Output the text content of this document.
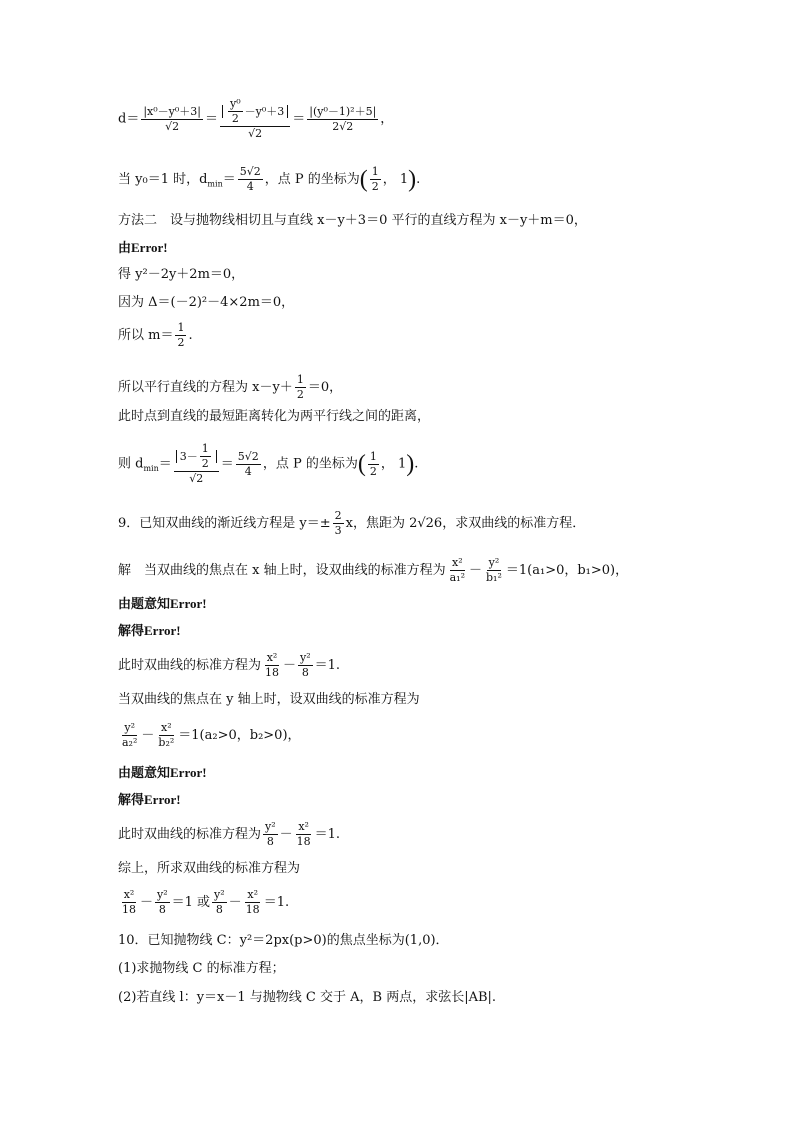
$d= \frac{\text{|x⁰－y⁰＋3|}}{√2} = \frac{\frac{\text{y⁰}}{2} -y^0+3}{√2} = \frac{\text{|(y⁰－1)²＋5|}}{2√2}$ ，
当 y₀＝1 时，$d_{min}= \frac{5√2}{4}$ ，点 P 的坐标为( $\frac{1}{2}$ ， 1).
方法二　设与抛物线相切且与直线 x－y＋3＝0 平行的直线方程为 x－y＋m＝0，
由Error!
得 y²－2y＋2m＝0，
因为 Δ＝(－2)²－4×2m＝0，
所以 $m= \frac{1}{2}$ .
所以平行直线的方程为 $x-y+ \frac{1}{2} =0$，
此时点到直线的最短距离转化为两平行线之间的距离，
则 $d_{min}= \frac{3- \frac{1}{2}}{√2} = \frac{5√2}{4}$ ，点 P 的坐标为( $\frac{1}{2}$ ， 1).
9．已知双曲线的渐近线方程是 $y=\pm \frac{2}{3}$ x，焦距为 2√26，求双曲线的标准方程．
解　当双曲线的焦点在 x 轴上时，设双曲线的标准方程为 $\frac{\text{x²}}{\text{a₁²}} - \frac{\text{y²}}{\text{b₁²}} =1(a_1>0$，b₁>0)，
由题意知Error!
解得Error!
此时双曲线的标准方程为 $\frac{\text{x²}}{18} - \frac{\text{y²}}{8} =1$.
当双曲线的焦点在 y 轴上时，设双曲线的标准方程为
$\frac{\text{y²}}{\text{a₂²}} - \frac{\text{x²}}{\text{b₂²}} =1(a_2>0$，b₂>0)，
由题意知Error!
解得Error!
此时双曲线的标准方程为 $\frac{\text{y²}}{8} - \frac{\text{x²}}{18} =1$.
综上，所求双曲线的标准方程为
$\frac{\text{x²}}{18} - \frac{\text{y²}}{8} =1$ 或 $\frac{\text{y²}}{8} - \frac{\text{x²}}{18} =1$.
10．已知抛物线 C：y²＝2px(p>0)的焦点坐标为(1,0)．
(1)求抛物线 C 的标准方程；
(2)若直线 l：y＝x－1 与抛物线 C 交于 A，B 两点，求弦长|AB|.
